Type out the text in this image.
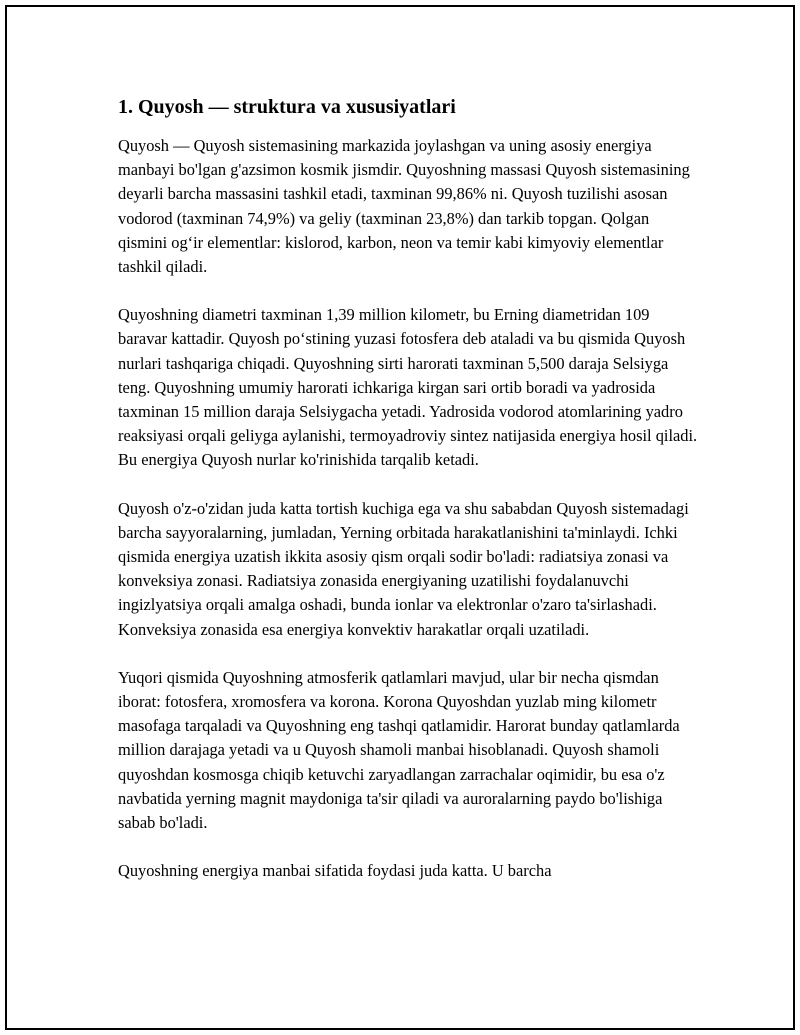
1. Quyosh — struktura va xususiyatlari

Quyosh — Quyosh sistemasining markazida joylashgan va uning asosiy energiya manbayi bo'lgan g'azsimon kosmik jismdir. Quyoshning massasi Quyosh sistemasining deyarli barcha massasini tashkil etadi, taxminan 99,86% ni. Quyosh tuzilishi asosan vodorod (taxminan 74,9%) va geliy (taxminan 23,8%) dan tarkib topgan. Qolgan qismini og‘ir elementlar: kislorod, karbon, neon va temir kabi kimyoviy elementlar tashkil qiladi.

Quyoshning diametri taxminan 1,39 million kilometr, bu Erning diametridan 109 baravar kattadir. Quyosh po‘stining yuzasi fotosfera deb ataladi va bu qismida Quyosh nurlari tashqariga chiqadi. Quyoshning sirti harorati taxminan 5,500 daraja Selsiyga teng. Quyoshning umumiy harorati ichkariga kirgan sari ortib boradi va yadrosida taxminan 15 million daraja Selsiygacha yetadi. Yadrosida vodorod atomlarining yadro reaksiyasi orqali geliyga aylanishi, termoyadroviy sintez natijasida energiya hosil qiladi. Bu energiya Quyosh nurlar ko'rinishida tarqalib ketadi.

Quyosh o'z-o'zidan juda katta tortish kuchiga ega va shu sababdan Quyosh sistemadagi barcha sayyoralarning, jumladan, Yerning orbitada harakatlanishini ta'minlaydi. Ichki qismida energiya uzatish ikkita asosiy qism orqali sodir bo'ladi: radiatsiya zonasi va konveksiya zonasi. Radiatsiya zonasida energiyaning uzatilishi foydalanuvchi ingizlyatsiya orqali amalga oshadi, bunda ionlar va elektronlar o'zaro ta'sirlashadi. Konveksiya zonasida esa energiya konvektiv harakatlar orqali uzatiladi.

Yuqori qismida Quyoshning atmosferik qatlamlari mavjud, ular bir necha qismdan iborat: fotosfera, xromosfera va korona. Korona Quyoshdan yuzlab ming kilometr masofaga tarqaladi va Quyoshning eng tashqi qatlamidir. Harorat bunday qatlamlarda million darajaga yetadi va u Quyosh shamoli manbai hisoblanadi. Quyosh shamoli quyoshdan kosmosga chiqib ketuvchi zaryadlangan zarrachalar oqimidir, bu esa o'z navbatida yerning magnit maydoniga ta'sir qiladi va auroralarning paydo bo'lishiga sabab bo'ladi.

Quyoshning energiya manbai sifatida foydasi juda katta. U barcha
